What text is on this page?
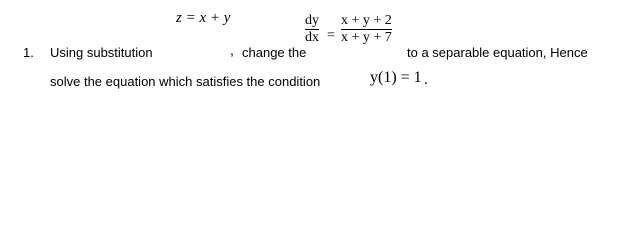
1. Using substitution
z = x + y
, change the
dy
dx =
x + y + 2
x + y + 7
to a separable equation, Hence
solve the equation which satisfies the condition	y(1) = 1 .
